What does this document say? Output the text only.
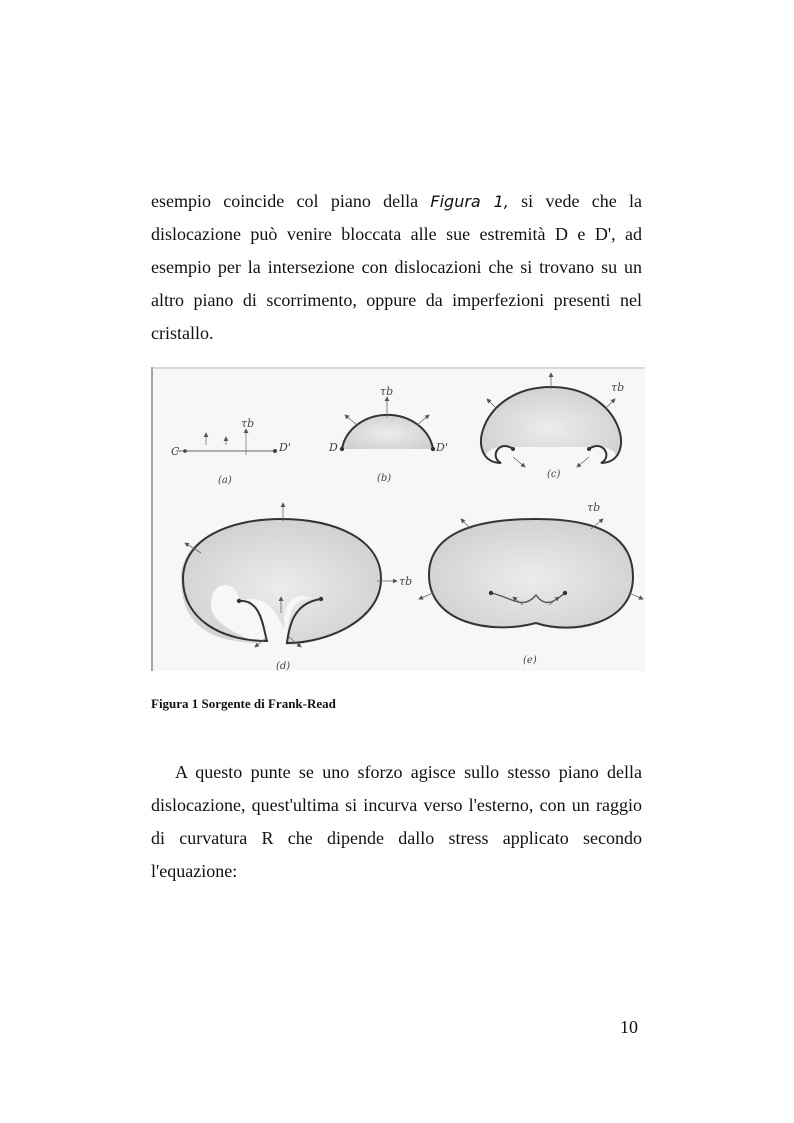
esempio coincide col piano della Figura 1, si vede che la dislocazione può venire bloccata alle sue estremità D e D', ad esempio per la intersezione con dislocazioni che si trovano su un altro piano di scorrimento, oppure da imperfezioni presenti nel cristallo.

C
τb
D'
(a)
τb
D	D'
(b)
τb
(c)
τb
(d)
τb
(e)

Figura 1 Sorgente di Frank-Read

A questo punte se uno sforzo agisce sullo stesso piano della dislocazione, quest'ultima si incurva verso l'esterno, con un raggio di curvatura R che dipende dallo stress applicato secondo l'equazione:

10
